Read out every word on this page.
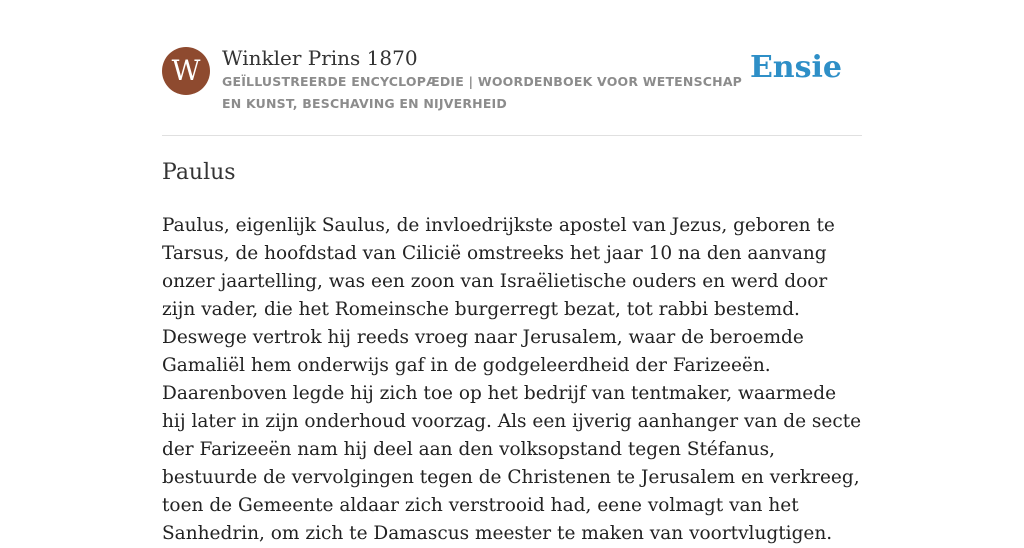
W	Winkler Prins 1870
GEÏLLUSTREERDE ENCYCLOPÆDIE | WOORDENBOEK VOOR WETENSCHAP EN KUNST, BESCHAVING EN NIJVERHEID
Ensie
Paulus

Paulus, eigenlijk Saulus, de invloedrijkste apostel van Jezus, geboren te Tarsus, de hoofdstad van Cilicië omstreeks het jaar 10 na den aanvang onzer jaartelling, was een zoon van Israëlietische ouders en werd door zijn vader, die het Romeinsche burgerregt bezat, tot rabbi bestemd. Deswege vertrok hij reeds vroeg naar Jerusalem, waar de beroemde Gamaliël hem onderwijs gaf in de godgeleerdheid der Farizeeën. Daarenboven legde hij zich toe op het bedrijf van tentmaker, waarmede hij later in zijn onderhoud voorzag. Als een ijverig aanhanger van de secte der Farizeeën nam hij deel aan den volksopstand tegen Stéfanus, bestuurde de vervolgingen tegen de Christenen te Jerusalem en verkreeg, toen de Gemeente aldaar zich verstrooid had, eene volmagt van het Sanhedrin, om zich te Damascus meester te maken van voortvlugtigen.
